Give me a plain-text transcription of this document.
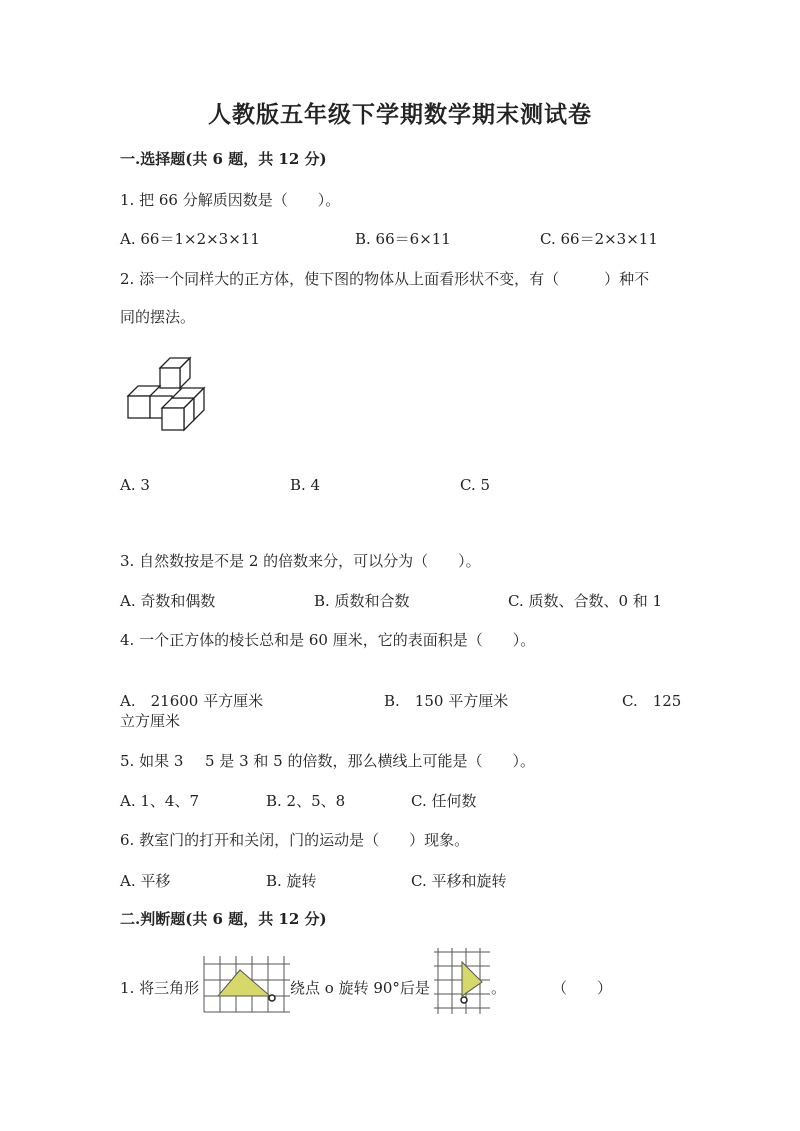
人教版五年级下学期数学期末测试卷
一.选择题(共 6 题，共 12 分)
1. 把 66 分解质因数是（　　）。
A. 66＝1×2×3×11	B. 66＝6×11	C. 66＝2×3×11
2. 添一个同样大的正方体，使下图的物体从上面看形状不变，有（　　　）种不
同的摆法。
A. 3	B. 4	C. 5
3. 自然数按是不是 2 的倍数来分，可以分为（　　）。
A. 奇数和偶数	B. 质数和合数	C. 质数、合数、0 和 1
4. 一个正方体的棱长总和是 60 厘米，它的表面积是（　　）。
A.　21600 平方厘米	B.　150 平方厘米	C.　125
立方厘米
5. 如果 3 5 是 3 和 5 的倍数，那么横线上可能是（　　）。
A. 1、4、7	B. 2、5、8	C. 任何数
6. 教室门的打开和关闭，门的运动是（　　）现象。
A. 平移	B. 旋转	C. 平移和旋转
二.判断题(共 6 题，共 12 分)
1. 将三角形	绕点 o 旋转 90°后是	。	（　　）
